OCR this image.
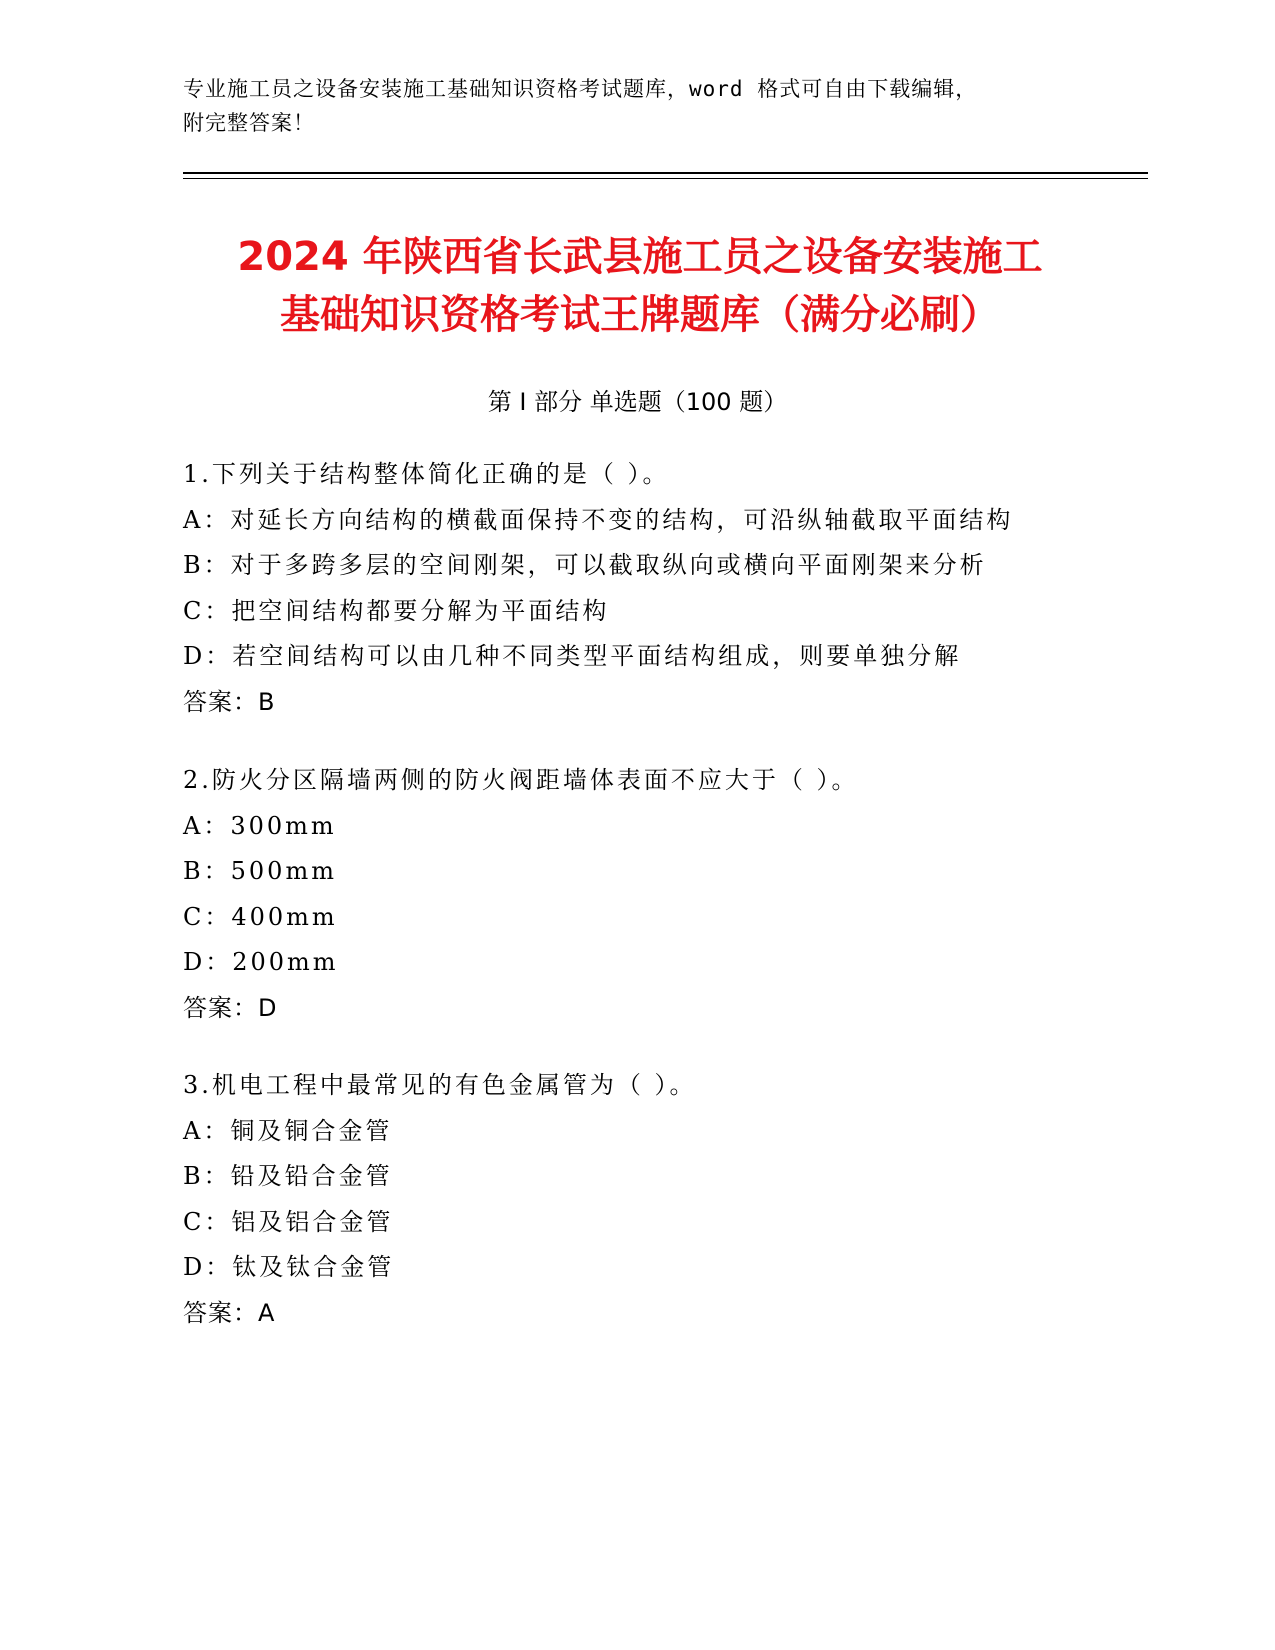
专业施工员之设备安装施工基础知识资格考试题库，word 格式可自由下载编辑，
附完整答案！
2024 年陕西省长武县施工员之设备安装施工
基础知识资格考试王牌题库（满分必刷）
第 I 部分 单选题（100 题）
1.下列关于结构整体简化正确的是（ ）。
A：对延长方向结构的横截面保持不变的结构，可沿纵轴截取平面结构
B：对于多跨多层的空间刚架，可以截取纵向或横向平面刚架来分析
C：把空间结构都要分解为平面结构
D：若空间结构可以由几种不同类型平面结构组成，则要单独分解
答案：B
2.防火分区隔墙两侧的防火阀距墙体表面不应大于（ ）。
A：300mm
B：500mm
C：400mm
D：200mm
答案：D
3.机电工程中最常见的有色金属管为（ ）。
A：铜及铜合金管
B：铅及铅合金管
C：铝及铝合金管
D：钛及钛合金管
答案：A
